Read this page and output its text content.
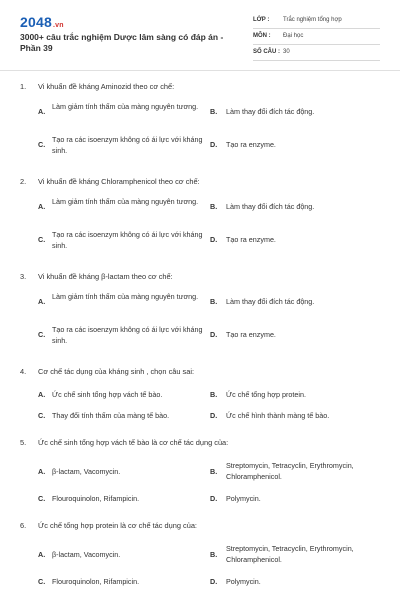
2048.vn
3000+ câu trắc nghiệm Dược lâm sàng có đáp án - Phần 39
LỚP : Trắc nghiệm tổng hợp
MÔN : Đại học
SỐ CÂU : 30
1. Vi khuẩn đề kháng Aminozid theo cơ chế:
A.
Làm giảm tính thấm của màng nguyên tương.
B. Làm thay đổi đích tác động.
C.
Tạo ra các isoenzym không có ái lực với kháng sinh.
D. Tạo ra enzyme.
2. Vi khuẩn đề kháng Chloramphenicol theo cơ chế:
A.
Làm giảm tính thấm của màng nguyên tương.
B. Làm thay đổi đích tác động.
C.
Tạo ra các isoenzym không có ái lực với kháng sinh.
D. Tạo ra enzyme.
3. Vi khuẩn đề kháng β-lactam theo cơ chế:
A.
Làm giảm tính thấm của màng nguyên tương.
B. Làm thay đổi đích tác động.
C.
Tạo ra các isoenzym không có ái lực với kháng sinh.
D. Tạo ra enzyme.
4. Cơ chế tác dụng của kháng sinh , chọn câu sai:
A. Ức chế sinh tổng hợp vách tế bào.	B. Ức chế tổng hợp protein.
C. Thay đổi tính thấm của màng tế bào.	D. Ức chế hình thành màng tế bào.
5. Ức chế sinh tổng hợp vách tế bào là cơ chế tác dụng của:
A. β-lactam, Vacomycin.	B.
Streptomycin, Tetracyclin, Erythromycin, Chloramphenicol.
C. Flouroquinolon, Rifampicin.	D. Polymycin.
6. Ức chế tổng hợp protein là cơ chế tác dụng của:
A. β-lactam, Vacomycin.	B.
Streptomycin, Tetracyclin, Erythromycin, Chloramphenicol.
C. Flouroquinolon, Rifampicin.	D. Polymycin.
